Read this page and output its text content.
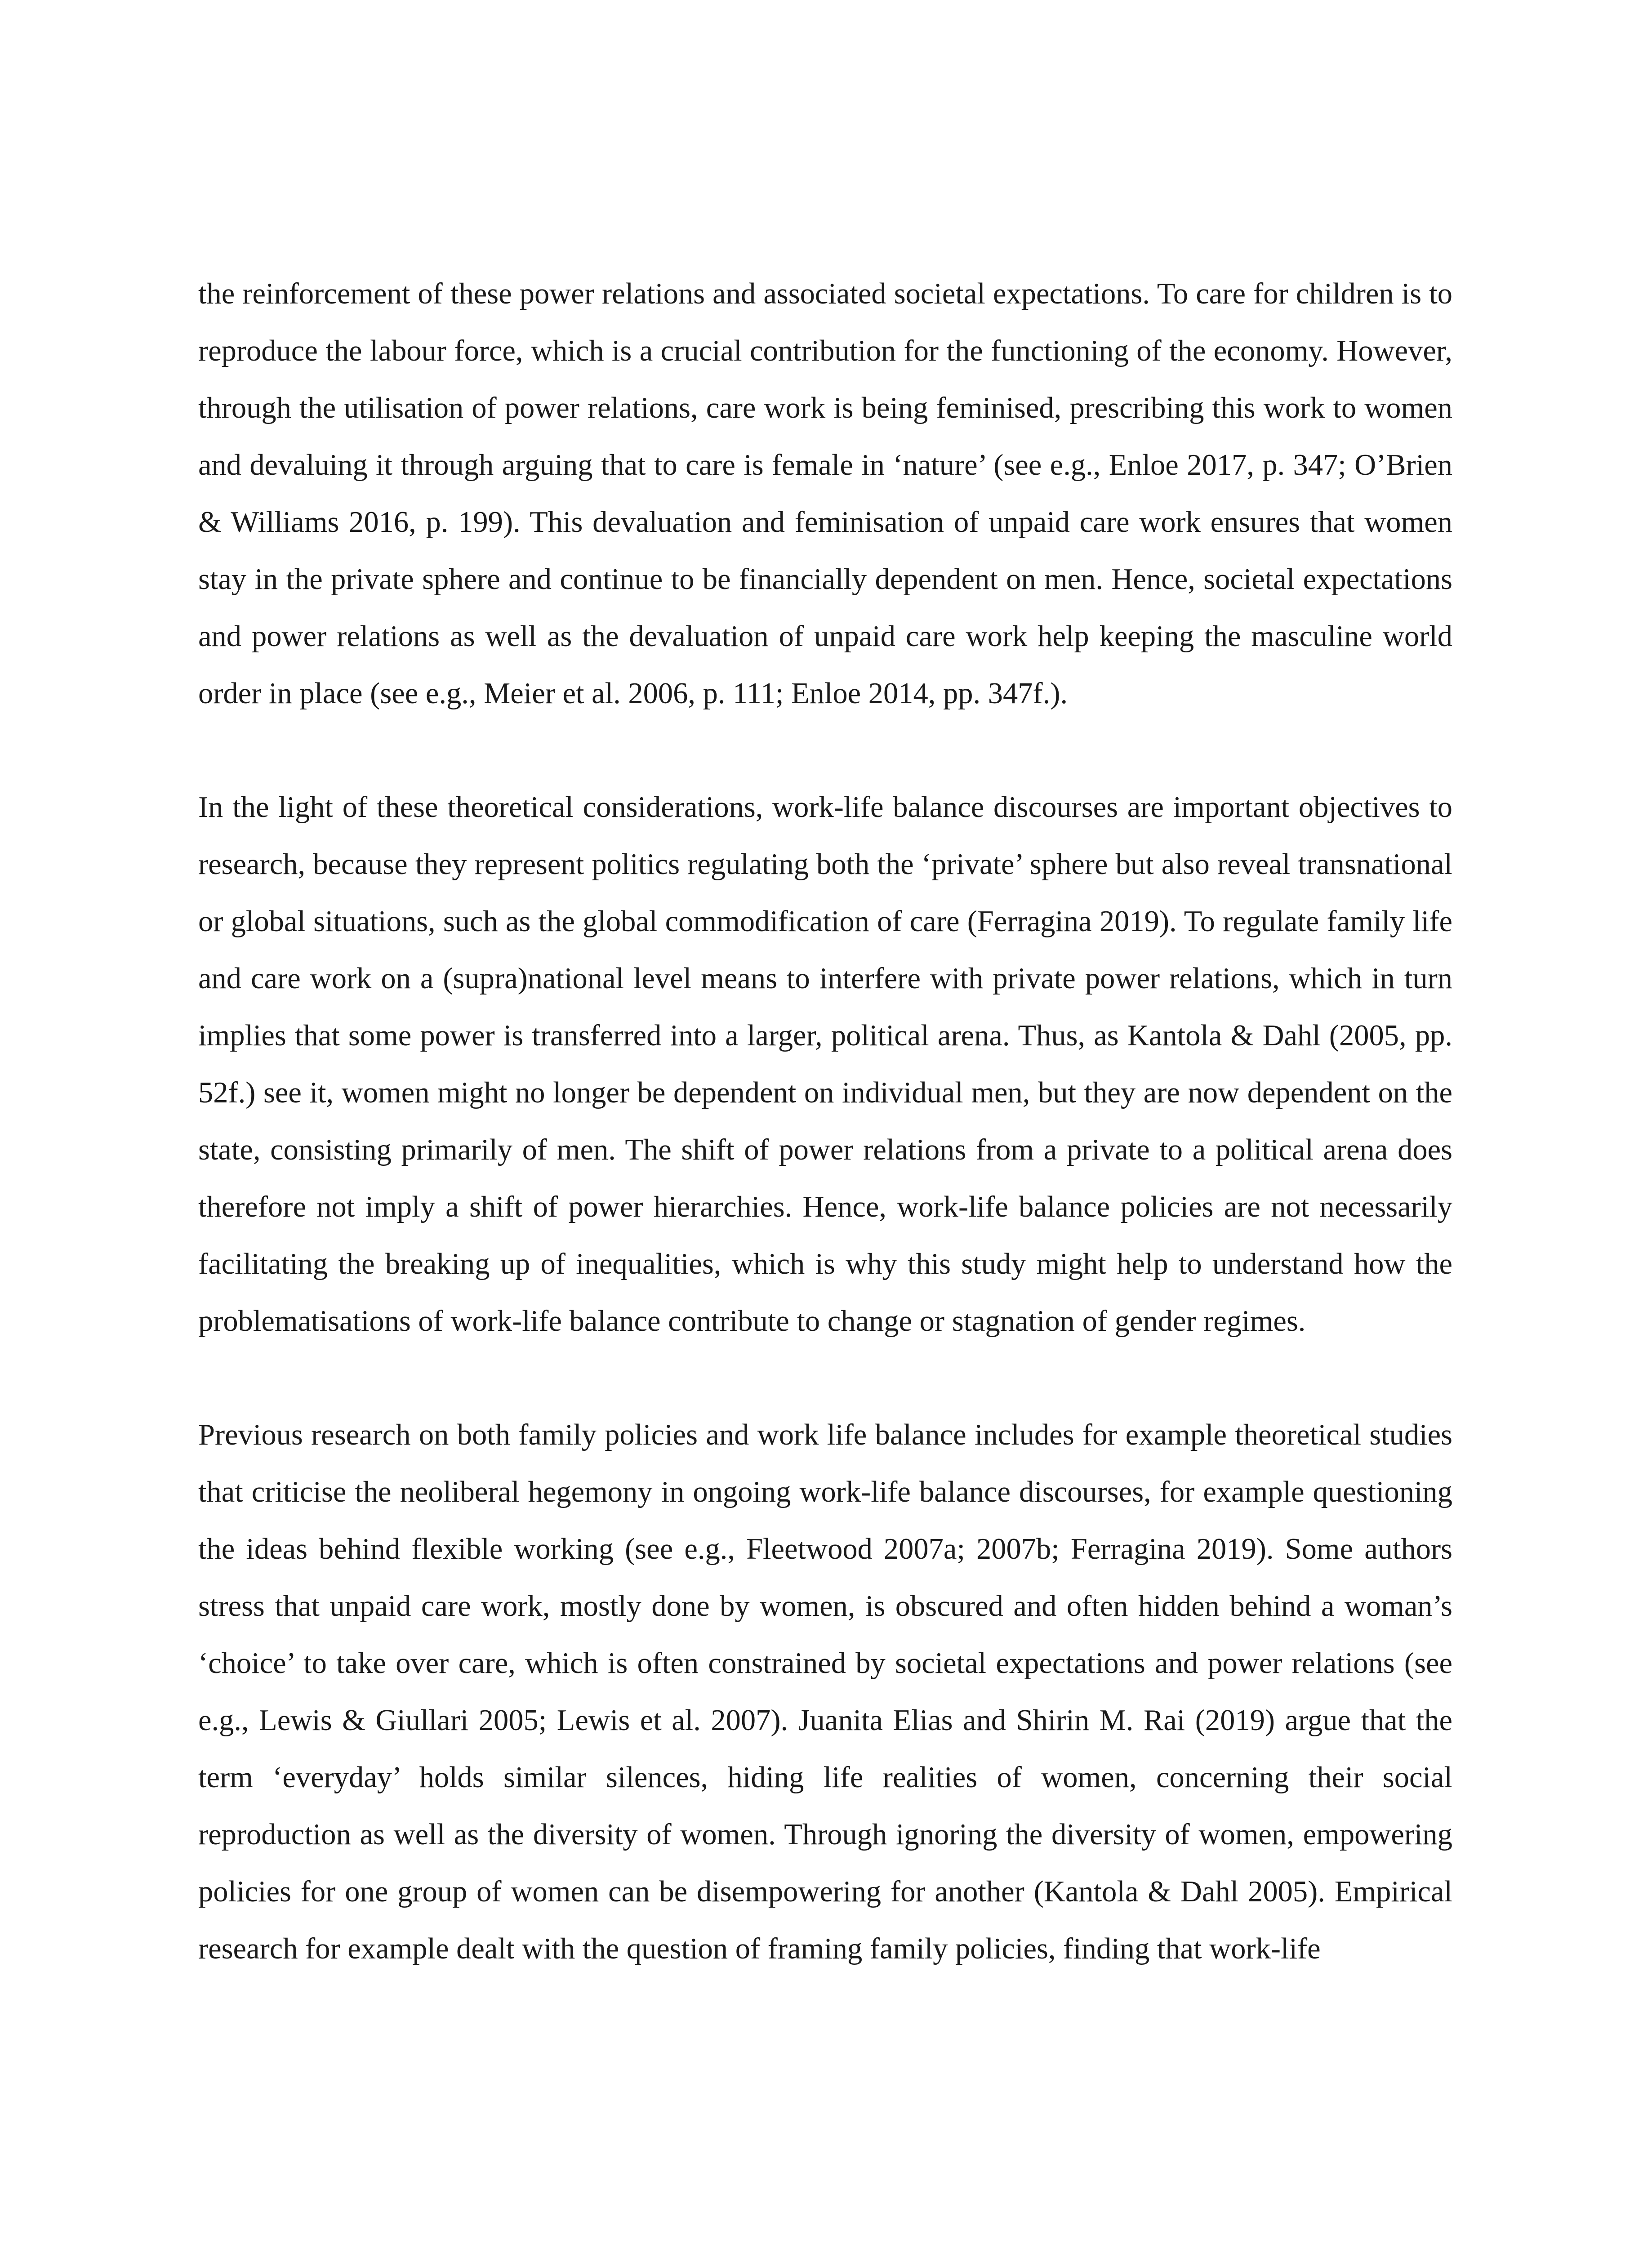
the reinforcement of these power relations and associated societal expectations. To care for children is to reproduce the labour force, which is a crucial contribution for the functioning of the economy. However, through the utilisation of power relations, care work is being feminised, prescribing this work to women and devaluing it through arguing that to care is female in ‘nature’ (see e.g., Enloe 2017, p. 347; O’Brien & Williams 2016, p. 199). This devaluation and feminisation of unpaid care work ensures that women stay in the private sphere and continue to be financially dependent on men. Hence, societal expectations and power relations as well as the devaluation of unpaid care work help keeping the masculine world order in place (see e.g., Meier et al. 2006, p. 111; Enloe 2014, pp. 347f.).

In the light of these theoretical considerations, work-life balance discourses are important objectives to research, because they represent politics regulating both the ‘private’ sphere but also reveal transnational or global situations, such as the global commodification of care (Ferragina 2019). To regulate family life and care work on a (supra)national level means to interfere with private power relations, which in turn implies that some power is transferred into a larger, political arena. Thus, as Kantola & Dahl (2005, pp. 52f.) see it, women might no longer be dependent on individual men, but they are now dependent on the state, consisting primarily of men. The shift of power relations from a private to a political arena does therefore not imply a shift of power hierarchies. Hence, work-life balance policies are not necessarily facilitating the breaking up of inequalities, which is why this study might help to understand how the problematisations of work-life balance contribute to change or stagnation of gender regimes.

Previous research on both family policies and work life balance includes for example theoretical studies that criticise the neoliberal hegemony in ongoing work-life balance discourses, for example questioning the ideas behind flexible working (see e.g., Fleetwood 2007a; 2007b; Ferragina 2019). Some authors stress that unpaid care work, mostly done by women, is obscured and often hidden behind a woman’s ‘choice’ to take over care, which is often constrained by societal expectations and power relations (see e.g., Lewis & Giullari 2005; Lewis et al. 2007). Juanita Elias and Shirin M. Rai (2019) argue that the term ‘everyday’ holds similar silences, hiding life realities of women, concerning their social reproduction as well as the diversity of women. Through ignoring the diversity of women, empowering policies for one group of women can be disempowering for another (Kantola & Dahl 2005). Empirical research for example dealt with the question of framing family policies, finding that work-life
